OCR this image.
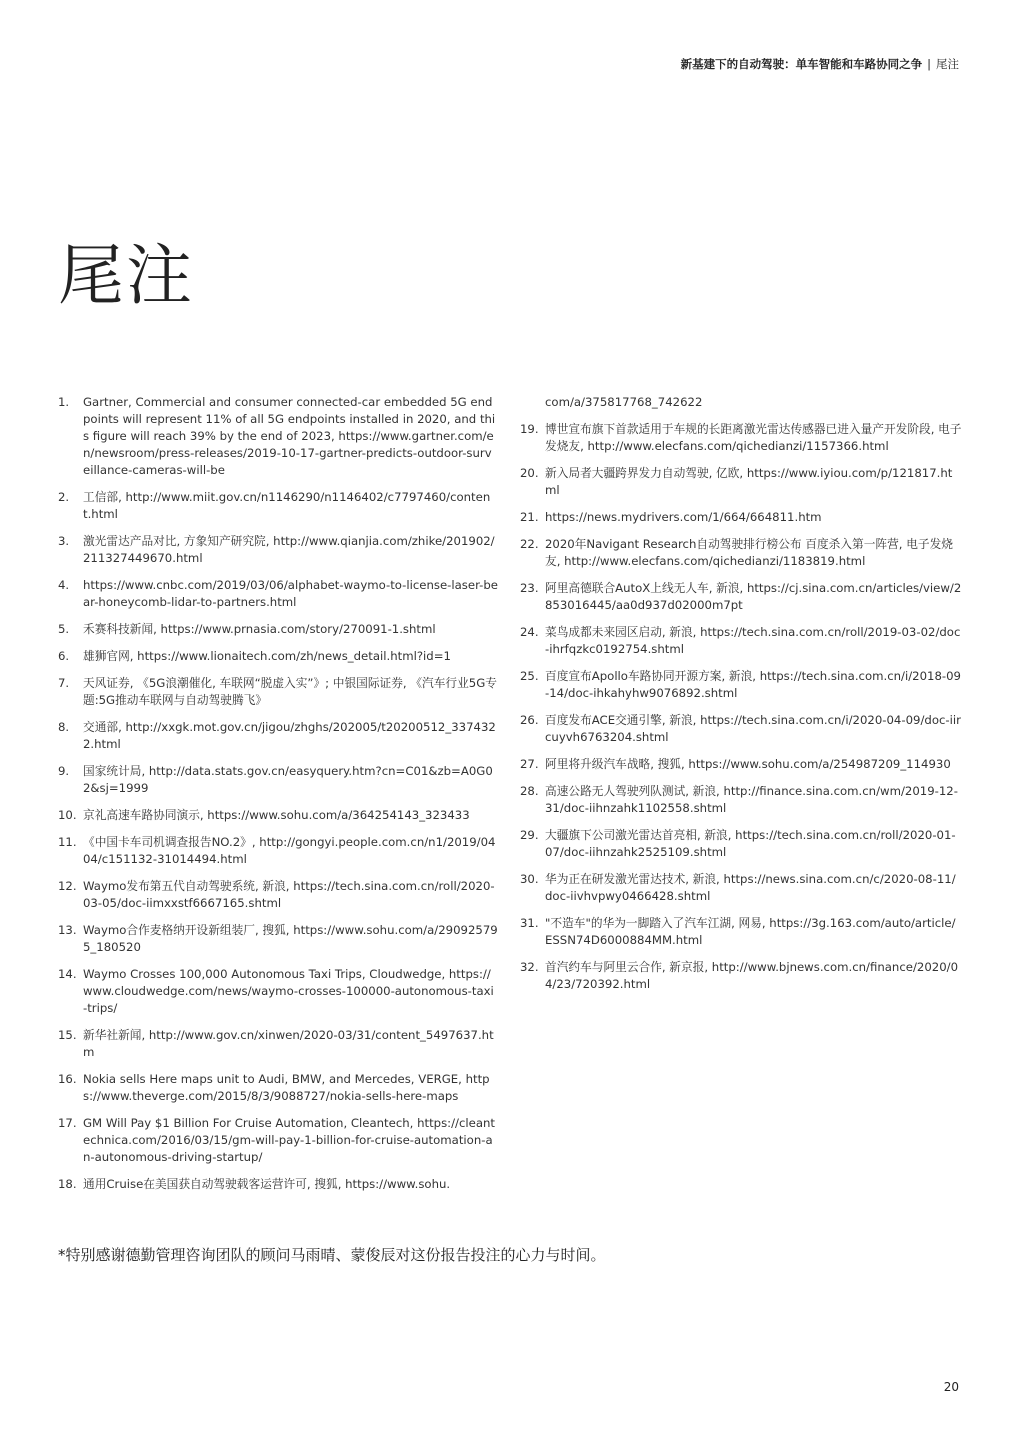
新基建下的自动驾驶：单车智能和车路协同之争 | 尾注
尾注
1.	Gartner, Commercial and consumer connected-car embedded 5G endpoints will represent 11% of all 5G endpoints installed in 2020, and this figure will reach 39% by the end of 2023, https://www.gartner.com/en/newsroom/press-releases/2019-10-17-gartner-predicts-outdoor-surveillance-cameras-will-be
2.	工信部, http://www.miit.gov.cn/n1146290/n1146402/c7797460/content.html
3.	激光雷达产品对比, 方象知产研究院, http://www.qianjia.com/zhike/201902/211327449670.html
4.	https://www.cnbc.com/2019/03/06/alphabet-waymo-to-license-laser-bear-honeycomb-lidar-to-partners.html
5.	禾赛科技新闻, https://www.prnasia.com/story/270091-1.shtml
6.	雄狮官网, https://www.lionaitech.com/zh/news_detail.html?id=1
7.	天风证券, 《5G浪潮催化, 车联网“脱虚入实”》; 中银国际证券, 《汽车行业5G专题:5G推动车联网与自动驾驶腾飞》
8.	交通部, http://xxgk.mot.gov.cn/jigou/zhghs/202005/t20200512_3374322.html
9.	国家统计局, http://data.stats.gov.cn/easyquery.htm?cn=C01&zb=A0G02&sj=1999
10. 京礼高速车路协同演示, https://www.sohu.com/a/364254143_323433
11. 《中国卡车司机调查报告NO.2》, http://gongyi.people.com.cn/n1/2019/0404/c151132-31014494.html
12. Waymo发布第五代自动驾驶系统, 新浪, https://tech.sina.com.cn/roll/2020-03-05/doc-iimxxstf6667165.shtml
13. Waymo合作麦格纳开设新组装厂, 搜狐, https://www.sohu.com/a/290925795_180520
14. Waymo Crosses 100,000 Autonomous Taxi Trips, Cloudwedge, https://www.cloudwedge.com/news/waymo-crosses-100000-autonomous-taxi-trips/
15. 新华社新闻, http://www.gov.cn/xinwen/2020-03/31/content_5497637.htm
16. Nokia sells Here maps unit to Audi, BMW, and Mercedes, VERGE, https://www.theverge.com/2015/8/3/9088727/nokia-sells-here-maps
17. GM Will Pay $1 Billion For Cruise Automation, Cleantech, https://cleantechnica.com/2016/03/15/gm-will-pay-1-billion-for-cruise-automation-an-autonomous-driving-startup/
18. 通用Cruise在美国获自动驾驶载客运营许可, 搜狐, https://www.sohu.
com/a/375817768_742622
19. 博世宣布旗下首款适用于车规的长距离激光雷达传感器已进入量产开发阶段, 电子发烧友, http://www.elecfans.com/qichedianzi/1157366.html
20. 新入局者大疆跨界发力自动驾驶, 亿欧, https://www.iyiou.com/p/121817.html
21. https://news.mydrivers.com/1/664/664811.htm
22. 2020年Navigant Research自动驾驶排行榜公布 百度杀入第一阵营, 电子发烧友, http://www.elecfans.com/qichedianzi/1183819.html
23. 阿里高德联合AutoX上线无人车, 新浪, https://cj.sina.com.cn/articles/view/2853016445/aa0d937d02000m7pt
24. 菜鸟成都未来园区启动, 新浪, https://tech.sina.com.cn/roll/2019-03-02/doc-ihrfqzkc0192754.shtml
25. 百度宣布Apollo车路协同开源方案, 新浪, https://tech.sina.com.cn/i/2018-09-14/doc-ihkahyhw9076892.shtml
26. 百度发布ACE交通引擎, 新浪, https://tech.sina.com.cn/i/2020-04-09/doc-iircuyvh6763204.shtml
27. 阿里将升级汽车战略, 搜狐, https://www.sohu.com/a/254987209_114930
28. 高速公路无人驾驶列队测试, 新浪, http://finance.sina.com.cn/wm/2019-12-31/doc-iihnzahk1102558.shtml
29. 大疆旗下公司激光雷达首亮相, 新浪, https://tech.sina.com.cn/roll/2020-01-07/doc-iihnzahk2525109.shtml
30. 华为正在研发激光雷达技术, 新浪, https://news.sina.com.cn/c/2020-08-11/doc-iivhvpwy0466428.shtml
31. "不造车"的华为一脚踏入了汽车江湖, 网易, https://3g.163.com/auto/article/ESSN74D6000884MM.html
32. 首汽约车与阿里云合作, 新京报, http://www.bjnews.com.cn/finance/2020/04/23/720392.html
*特别感谢德勤管理咨询团队的顾问马雨晴、蒙俊辰对这份报告投注的心力与时间。
20
